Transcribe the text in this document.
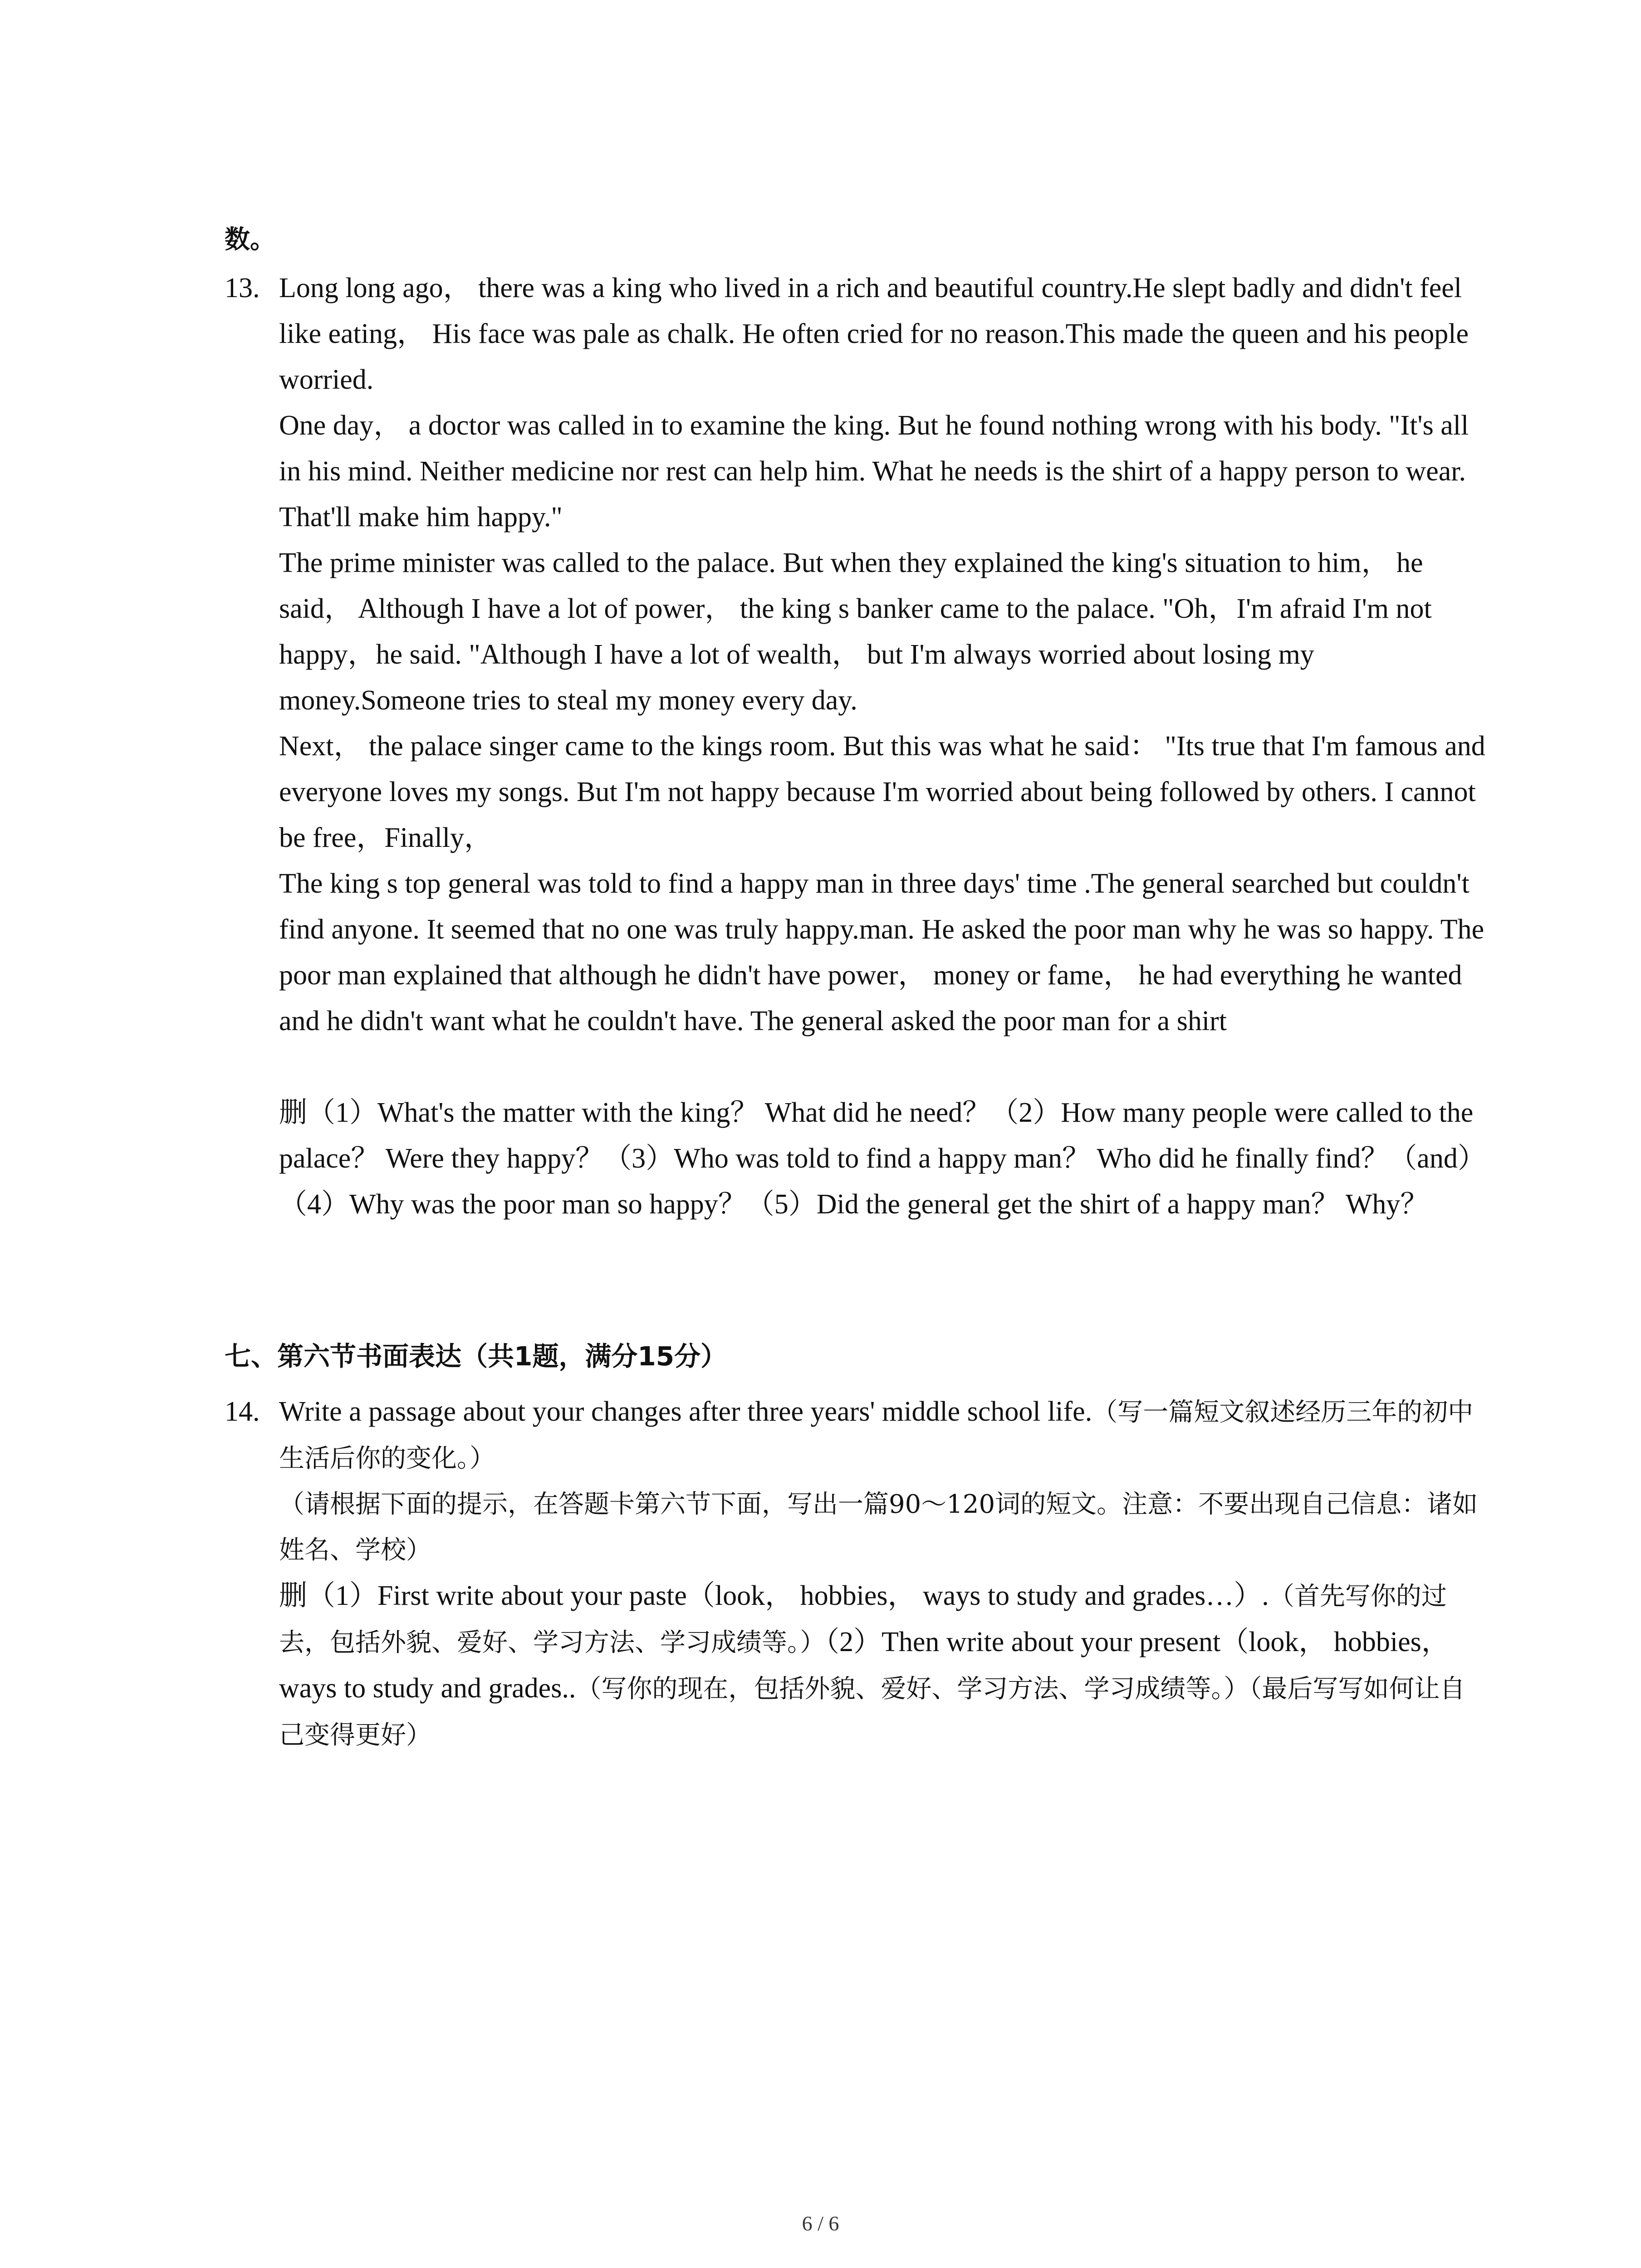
数。
13. Long long ago， there was a king who lived in a rich and beautiful country.He slept badly and didn't feel like eating， His face was pale as chalk. He often cried for no reason.This made the queen and his people worried.

One day， a doctor was called in to examine the king. But he found nothing wrong with his body. "It's all in his mind. Neither medicine nor rest can help him. What he needs is the shirt of a happy person to wear. That'll make him happy."

The prime minister was called to the palace. But when they explained the king's situation to him， he said， Although I have a lot of power， the king s banker came to the palace. "Oh，I'm afraid I'm not happy，he said. "Although I have a lot of wealth， but I'm always worried about losing my money.Someone tries to steal my money every day.

Next， the palace singer came to the kings room. But this was what he said： "Its true that I'm famous and everyone loves my songs. But I'm not happy because I'm worried about being followed by others. I cannot be free，Finally，

The king s top general was told to find a happy man in three days' time .The general searched but couldn't find anyone. It seemed that no one was truly happy.man. He asked the poor man why he was so happy. The poor man explained that although he didn't have power， money or fame， he had everything he wanted and he didn't want what he couldn't have. The general asked the poor man for a shirt

删（1）What's the matter with the king？ What did he need？（2）How many people were called to the palace？ Were they happy？（3）Who was told to find a happy man？ Who did he finally find？（and）（4）Why was the poor man so happy？（5）Did the general get the shirt of a happy man？ Why？

七、第六节书面表达（共1题，满分15分）
14. Write a passage about your changes after three years' middle school life.（写一篇短文叙述经历三年的初中生活后你的变化。）

（请根据下面的提示，在答题卡第六节下面，写出一篇90～120词的短文。注意：不要出现自己信息：诸如姓名、学校）

删（1）First write about your paste（look， hobbies， ways to study and grades…）.（首先写你的过去，包括外貌、爱好、学习方法、学习成绩等。）（2）Then write about your present（look， hobbies， ways to study and grades..（写你的现在，包括外貌、爱好、学习方法、学习成绩等。）（最后写写如何让自己变得更好）

6 / 6
